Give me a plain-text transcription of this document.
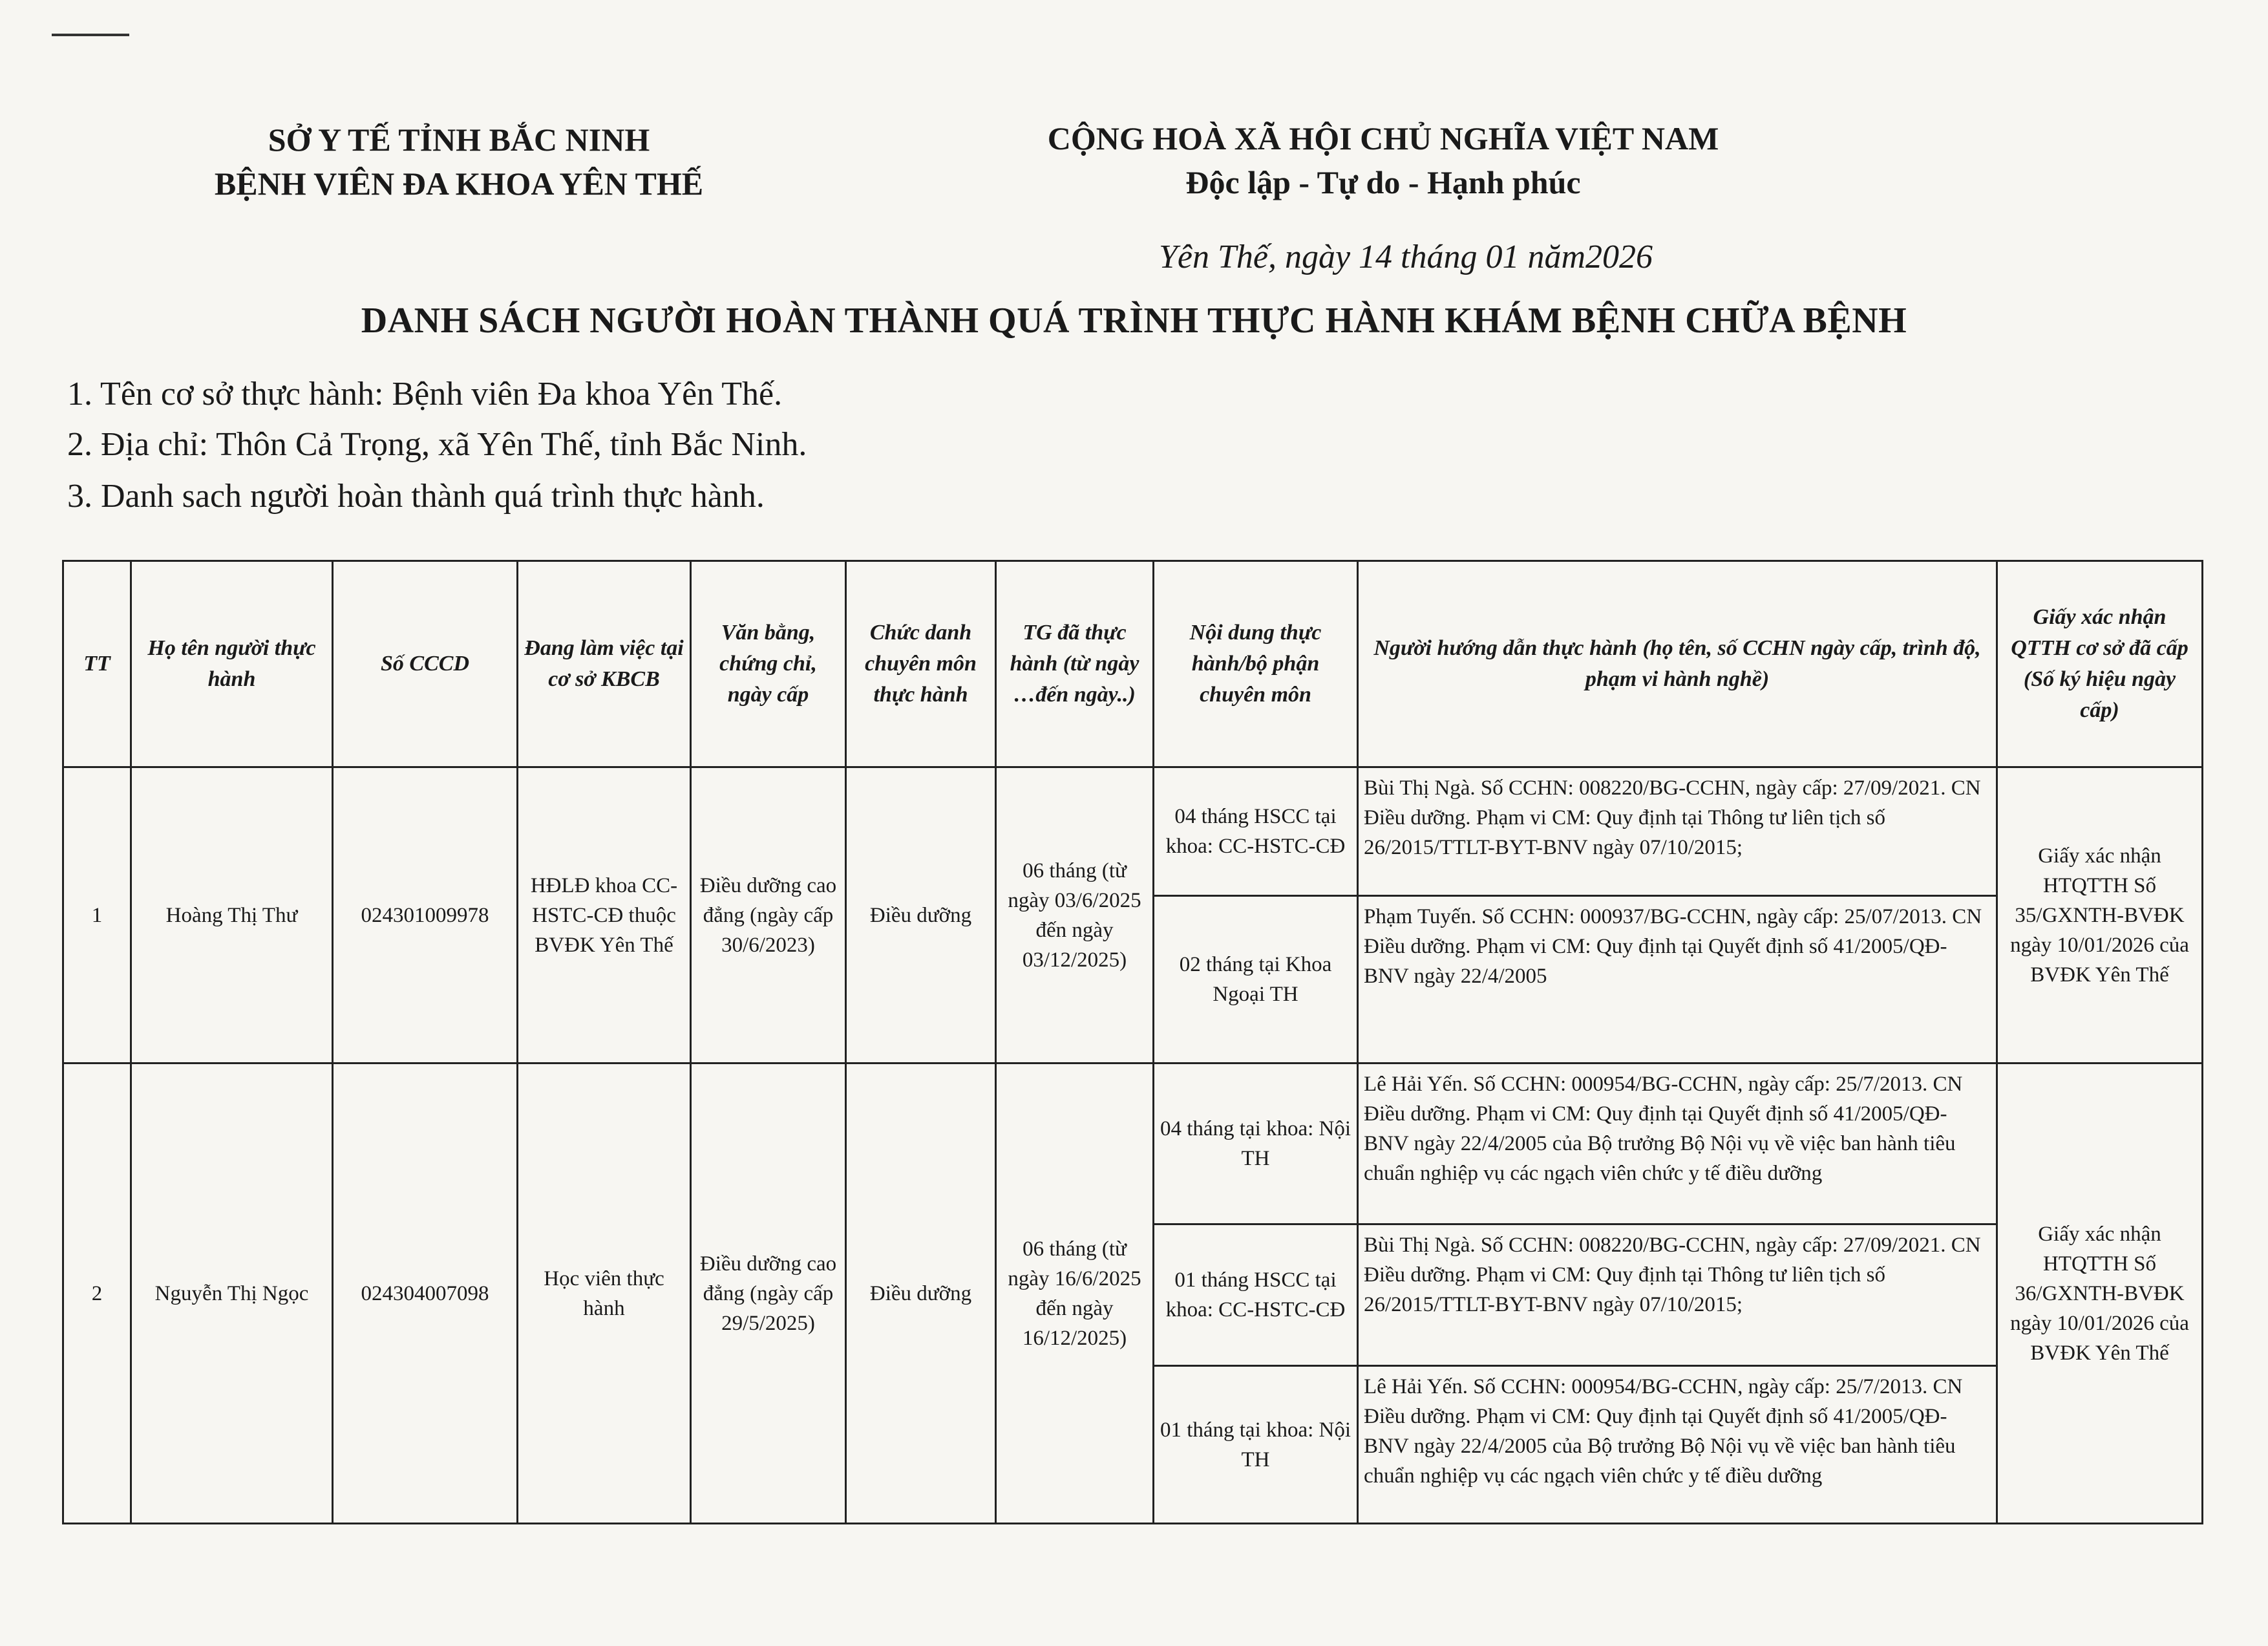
SỞ Y TẾ TỈNH BẮC NINH
BỆNH VIÊN ĐA KHOA YÊN THẾ
CỘNG HOÀ XÃ HỘI CHỦ NGHĨA VIỆT NAM
Độc lập - Tự do - Hạnh phúc
Yên Thế, ngày 14 tháng 01 năm2026
DANH SÁCH NGƯỜI HOÀN THÀNH QUÁ TRÌNH THỰC HÀNH KHÁM BỆNH CHỮA BỆNH
1. Tên cơ sở thực hành: Bệnh viên Đa khoa Yên Thế.
2. Địa chỉ: Thôn Cả Trọng, xã Yên Thế, tỉnh Bắc Ninh.
3. Danh sach người hoàn thành quá trình thực hành.
TT	Họ tên người thực hành	Số CCCD	Đang làm việc tại cơ sở KBCB	Văn bằng, chứng chỉ, ngày cấp	Chức danh chuyên môn thực hành	TG đã thực hành (từ ngày …đến ngày..)	Nội dung thực hành/bộ phận chuyên môn	Người hướng dẫn thực hành (họ tên, số CCHN ngày cấp, trình độ, phạm vi hành nghề)	Giấy xác nhận QTTH cơ sở đã cấp (Số ký hiệu ngày cấp)
1	Hoàng Thị Thư	024301009978	HĐLĐ khoa CC-HSTC-CĐ thuộc BVĐK Yên Thế	Điều dưỡng cao đẳng (ngày cấp 30/6/2023)	Điều dưỡng	06 tháng (từ ngày 03/6/2025 đến ngày 03/12/2025)	04 tháng HSCC tại khoa: CC-HSTC-CĐ	Bùi Thị Ngà. Số CCHN: 008220/BG-CCHN, ngày cấp: 27/09/2021. CN Điều dưỡng. Phạm vi CM: Quy định tại Thông tư liên tịch số 26/2015/TTLT-BYT-BNV ngày 07/10/2015;	Giấy xác nhận HTQTTH Số 35/GXNTH-BVĐK ngày 10/01/2026 của BVĐK Yên Thế
							02 tháng tại Khoa Ngoại TH	Phạm Tuyến. Số CCHN: 000937/BG-CCHN, ngày cấp: 25/07/2013. CN Điều dưỡng. Phạm vi CM: Quy định tại Quyết định số 41/2005/QĐ-BNV ngày 22/4/2005	
2	Nguyễn Thị Ngọc	024304007098	Học viên thực hành	Điều dưỡng cao đẳng (ngày cấp 29/5/2025)	Điều dưỡng	06 tháng (từ ngày 16/6/2025 đến ngày 16/12/2025)	04 tháng tại khoa: Nội TH	Lê Hải Yến. Số CCHN: 000954/BG-CCHN, ngày cấp: 25/7/2013. CN Điều dưỡng. Phạm vi CM: Quy định tại Quyết định số 41/2005/QĐ-BNV ngày 22/4/2005 của Bộ trưởng Bộ Nội vụ về việc ban hành tiêu chuẩn nghiệp vụ các ngạch viên chức y tế điều dưỡng	Giấy xác nhận HTQTTH Số 36/GXNTH-BVĐK ngày 10/01/2026 của BVĐK Yên Thế
							01 tháng HSCC tại khoa: CC-HSTC-CĐ	Bùi Thị Ngà. Số CCHN: 008220/BG-CCHN, ngày cấp: 27/09/2021. CN Điều dưỡng. Phạm vi CM: Quy định tại Thông tư liên tịch số 26/2015/TTLT-BYT-BNV ngày 07/10/2015;	
							01 tháng tại khoa: Nội TH	Lê Hải Yến. Số CCHN: 000954/BG-CCHN, ngày cấp: 25/7/2013. CN Điều dưỡng. Phạm vi CM: Quy định tại Quyết định số 41/2005/QĐ-BNV ngày 22/4/2005 của Bộ trưởng Bộ Nội vụ về việc ban hành tiêu chuẩn nghiệp vụ các ngạch viên chức y tế điều dưỡng	
